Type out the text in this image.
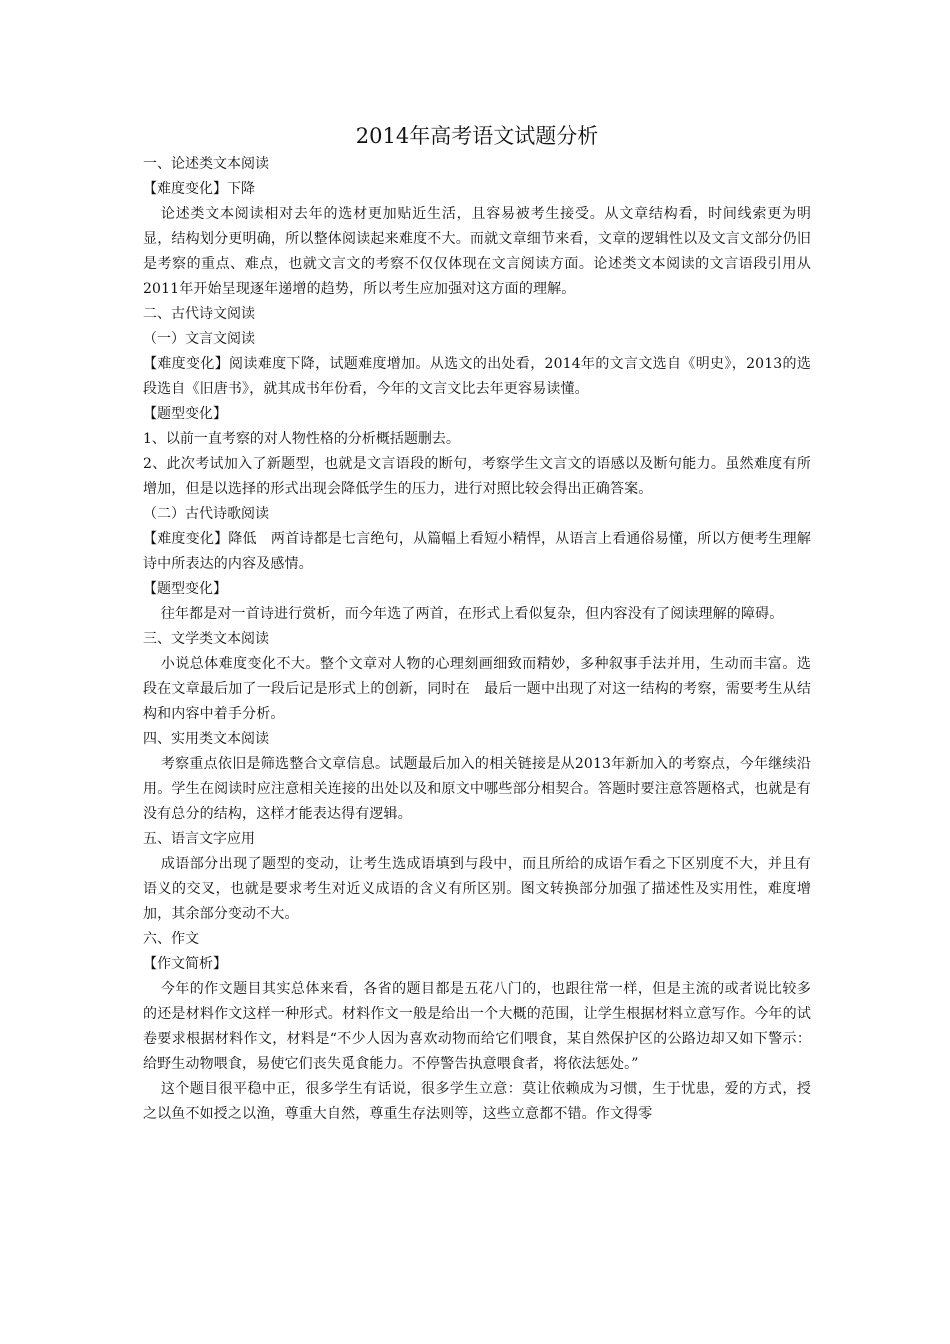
2014年高考语文试题分析

一、论述类文本阅读

【难度变化】下降

论述类文本阅读相对去年的选材更加贴近生活，且容易被考生接受。从文章结构看，时间线索更为明显，结构划分更明确，所以整体阅读起来难度不大。而就文章细节来看，文章的逻辑性以及文言文部分仍旧是考察的重点、难点，也就文言文的考察不仅仅体现在文言阅读方面。论述类文本阅读的文言语段引用从2011年开始呈现逐年递增的趋势，所以考生应加强对这方面的理解。

二、古代诗文阅读

（一）文言文阅读

【难度变化】阅读难度下降，试题难度增加。从选文的出处看，2014年的文言文选自《明史》，2013的选段选自《旧唐书》，就其成书年份看，今年的文言文比去年更容易读懂。

【题型变化】

1、以前一直考察的对人物性格的分析概括题删去。

2、此次考试加入了新题型，也就是文言语段的断句，考察学生文言文的语感以及断句能力。虽然难度有所增加，但是以选择的形式出现会降低学生的压力，进行对照比较会得出正确答案。

（二）古代诗歌阅读

【难度变化】降低　两首诗都是七言绝句，从篇幅上看短小精悍，从语言上看通俗易懂，所以方便考生理解诗中所表达的内容及感情。

【题型变化】

往年都是对一首诗进行赏析，而今年选了两首，在形式上看似复杂，但内容没有了阅读理解的障碍。

三、文学类文本阅读

小说总体难度变化不大。整个文章对人物的心理刻画细致而精妙，多种叙事手法并用，生动而丰富。选段在文章最后加了一段后记是形式上的创新，同时在　最后一题中出现了对这一结构的考察，需要考生从结构和内容中着手分析。

四、实用类文本阅读

考察重点依旧是筛选整合文章信息。试题最后加入的相关链接是从2013年新加入的考察点，今年继续沿用。学生在阅读时应注意相关连接的出处以及和原文中哪些部分相契合。答题时要注意答题格式，也就是有没有总分的结构，这样才能表达得有逻辑。

五、语言文字应用

成语部分出现了题型的变动，让考生选成语填到与段中，而且所给的成语乍看之下区别度不大，并且有语义的交叉，也就是要求考生对近义成语的含义有所区别。图文转换部分加强了描述性及实用性，难度增加，其余部分变动不大。

六、作文

【作文简析】

今年的作文题目其实总体来看，各省的题目都是五花八门的，也跟往常一样，但是主流的或者说比较多的还是材料作文这样一种形式。材料作文一般是给出一个大概的范围，让学生根据材料立意写作。今年的试卷要求根据材料作文，材料是“不少人因为喜欢动物而给它们喂食，某自然保护区的公路边却又如下警示：给野生动物喂食，易使它们丧失觅食能力。不停警告执意喂食者，将依法惩处。”

这个题目很平稳中正，很多学生有话说，很多学生立意：莫让依赖成为习惯，生于忧患，爱的方式，授之以鱼不如授之以渔，尊重大自然，尊重生存法则等，这些立意都不错。作文得零
